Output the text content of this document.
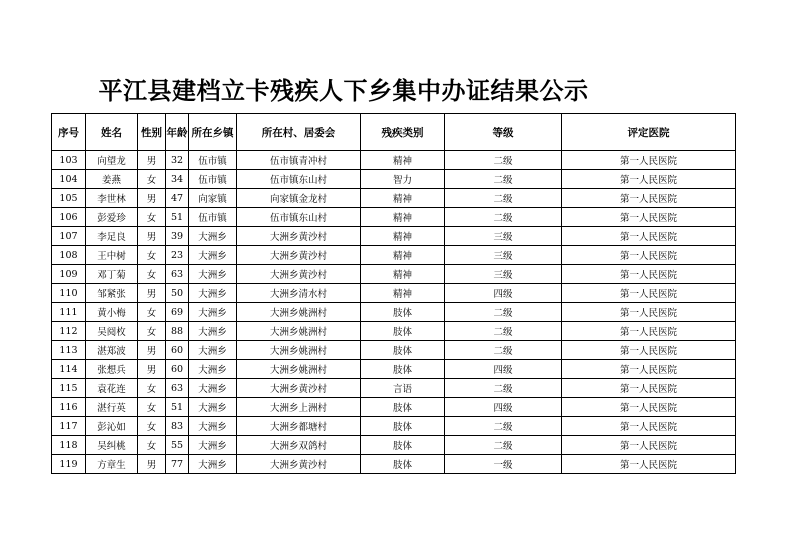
平江县建档立卡残疾人下乡集中办证结果公示
序号	姓名	性别	年龄	所在乡镇	所在村、居委会	残疾类别	等级	评定医院
103	向望龙	男	32	伍市镇	伍市镇青冲村	精神	二级	第一人民医院
104	姜燕	女	34	伍市镇	伍市镇东山村	智力	二级	第一人民医院
105	李世林	男	47	向家镇	向家镇金龙村	精神	二级	第一人民医院
106	彭爱珍	女	51	伍市镇	伍市镇东山村	精神	二级	第一人民医院
107	李足良	男	39	大洲乡	大洲乡黄沙村	精神	三级	第一人民医院
108	王中树	女	23	大洲乡	大洲乡黄沙村	精神	三级	第一人民医院
109	邓丁菊	女	63	大洲乡	大洲乡黄沙村	精神	三级	第一人民医院
110	邹紧张	男	50	大洲乡	大洲乡清水村	精神	四级	第一人民医院
111	黄小梅	女	69	大洲乡	大洲乡姚洲村	肢体	二级	第一人民医院
112	吴阅枚	女	88	大洲乡	大洲乡姚洲村	肢体	二级	第一人民医院
113	湛郑波	男	60	大洲乡	大洲乡姚洲村	肢体	二级	第一人民医院
114	张想兵	男	60	大洲乡	大洲乡姚洲村	肢体	四级	第一人民医院
115	袁花连	女	63	大洲乡	大洲乡黄沙村	言语	二级	第一人民医院
116	湛行英	女	51	大洲乡	大洲乡上洲村	肢体	四级	第一人民医院
117	彭沁如	女	83	大洲乡	大洲乡都塘村	肢体	二级	第一人民医院
118	吴纠桃	女	55	大洲乡	大洲乡双鸽村	肢体	二级	第一人民医院
119	方章生	男	77	大洲乡	大洲乡黄沙村	肢体	一级	第一人民医院
